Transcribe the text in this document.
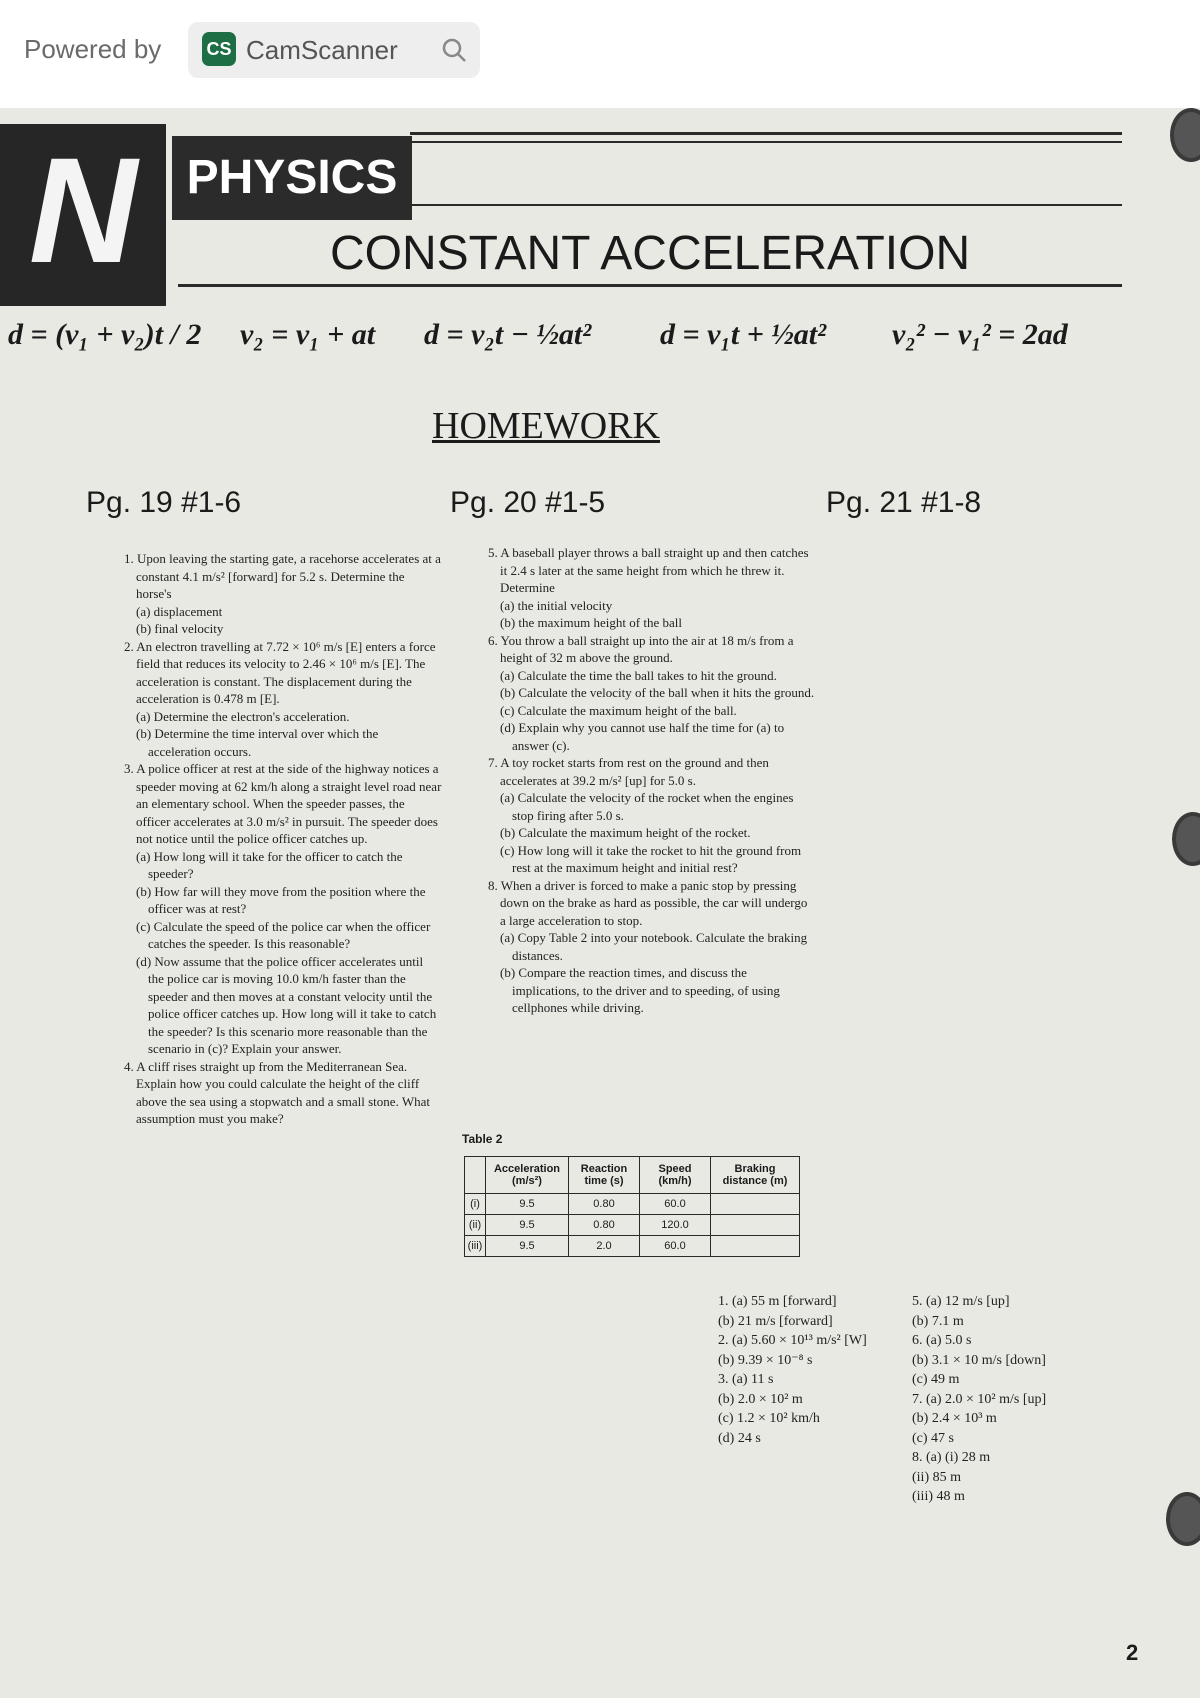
Powered by	CS CamScanner
N	PHYSICS
CONSTANT ACCELERATION
d = (v₁ + v₂)t / 2 v₂ = v₁ + at d = v₂t − ½at² d = v₁t + ½at² v₂² − v₁² = 2ad
HOMEWORK
Pg. 19 #1-6	Pg. 20 #1-5	Pg. 21 #1-8

1. Upon leaving the starting gate, a racehorse accelerates at a constant 4.1 m/s² [forward] for 5.2 s. Determine the horse's

(a) displacement

(b) final velocity

2. An electron travelling at 7.72 × 10⁶ m/s [E] enters a force field that reduces its velocity to 2.46 × 10⁶ m/s [E]. The acceleration is constant. The displacement during the acceleration is 0.478 m [E].

(a) Determine the electron's acceleration.

(b) Determine the time interval over which the acceleration occurs.

3. A police officer at rest at the side of the highway notices a speeder moving at 62 km/h along a straight level road near an elementary school. When the speeder passes, the officer accelerates at 3.0 m/s² in pursuit. The speeder does not notice until the police officer catches up.

(a) How long will it take for the officer to catch the speeder?

(b) How far will they move from the position where the officer was at rest?

(c) Calculate the speed of the police car when the officer catches the speeder. Is this reasonable?

(d) Now assume that the police officer accelerates until the police car is moving 10.0 km/h faster than the speeder and then moves at a constant velocity until the police officer catches up. How long will it take to catch the speeder? Is this scenario more reasonable than the scenario in (c)? Explain your answer.

4. A cliff rises straight up from the Mediterranean Sea. Explain how you could calculate the height of the cliff above the sea using a stopwatch and a small stone. What assumption must you make?

5. A baseball player throws a ball straight up and then catches it 2.4 s later at the same height from which he threw it. Determine

(a) the initial velocity

(b) the maximum height of the ball

6. You throw a ball straight up into the air at 18 m/s from a height of 32 m above the ground.

(a) Calculate the time the ball takes to hit the ground.

(b) Calculate the velocity of the ball when it hits the ground.

(c) Calculate the maximum height of the ball.

(d) Explain why you cannot use half the time for (a) to answer (c).

7. A toy rocket starts from rest on the ground and then accelerates at 39.2 m/s² [up] for 5.0 s.

(a) Calculate the velocity of the rocket when the engines stop firing after 5.0 s.

(b) Calculate the maximum height of the rocket.

(c) How long will it take the rocket to hit the ground from rest at the maximum height and initial rest?

8. When a driver is forced to make a panic stop by pressing down on the brake as hard as possible, the car will undergo a large acceleration to stop.

(a) Copy Table 2 into your notebook. Calculate the braking distances.

(b) Compare the reaction times, and discuss the implications, to the driver and to speeding, of using cellphones while driving.

Table 2
	Acceleration (m/s²)	Reaction time (s)	Speed (km/h)	Braking distance (m)
(i)	9.5	0.80	60.0	
(ii)	9.5	0.80	120.0	
(iii)	9.5	2.0	60.0	

1. (a) 55 m [forward]

(b) 21 m/s [forward]

2. (a) 5.60 × 10¹³ m/s² [W]

(b) 9.39 × 10⁻⁸ s

3. (a) 11 s

(b) 2.0 × 10² m

(c) 1.2 × 10² km/h

(d) 24 s

5. (a) 12 m/s [up]

(b) 7.1 m

6. (a) 5.0 s

(b) 3.1 × 10 m/s [down]

(c) 49 m

7. (a) 2.0 × 10² m/s [up]

(b) 2.4 × 10³ m

(c) 47 s

8. (a) (i) 28 m

(ii) 85 m

(iii) 48 m

2
